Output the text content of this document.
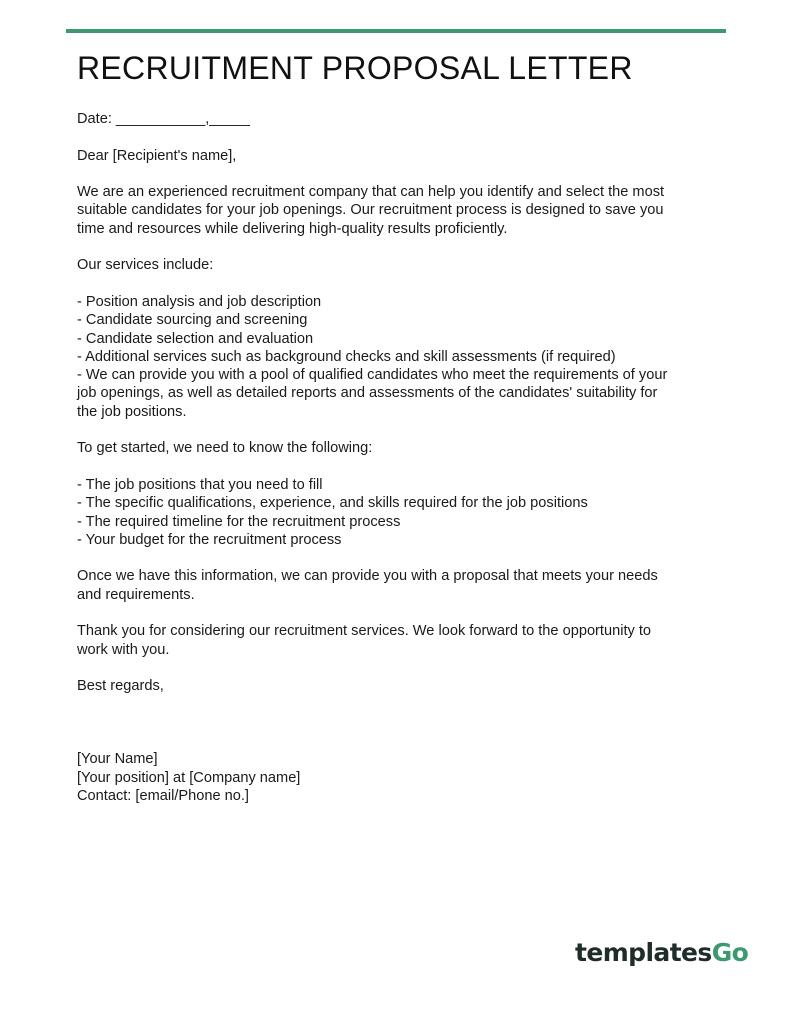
RECRUITMENT PROPOSAL LETTER

Date: ___________,_____

Dear [Recipient's name],

We are an experienced recruitment company that can help you identify and select the most
suitable candidates for your job openings. Our recruitment process is designed to save you
time and resources while delivering high-quality results proficiently.

Our services include:

- Position analysis and job description
- Candidate sourcing and screening
- Candidate selection and evaluation
- Additional services such as background checks and skill assessments (if required)
- We can provide you with a pool of qualified candidates who meet the requirements of your
job openings, as well as detailed reports and assessments of the candidates' suitability for
the job positions.

To get started, we need to know the following:

- The job positions that you need to fill
- The specific qualifications, experience, and skills required for the job positions
- The required timeline for the recruitment process
- Your budget for the recruitment process

Once we have this information, we can provide you with a proposal that meets your needs
and requirements.

Thank you for considering our recruitment services. We look forward to the opportunity to
work with you.

Best regards,

[Your Name]
[Your position] at [Company name]
Contact: [email/Phone no.]

templatesGo
